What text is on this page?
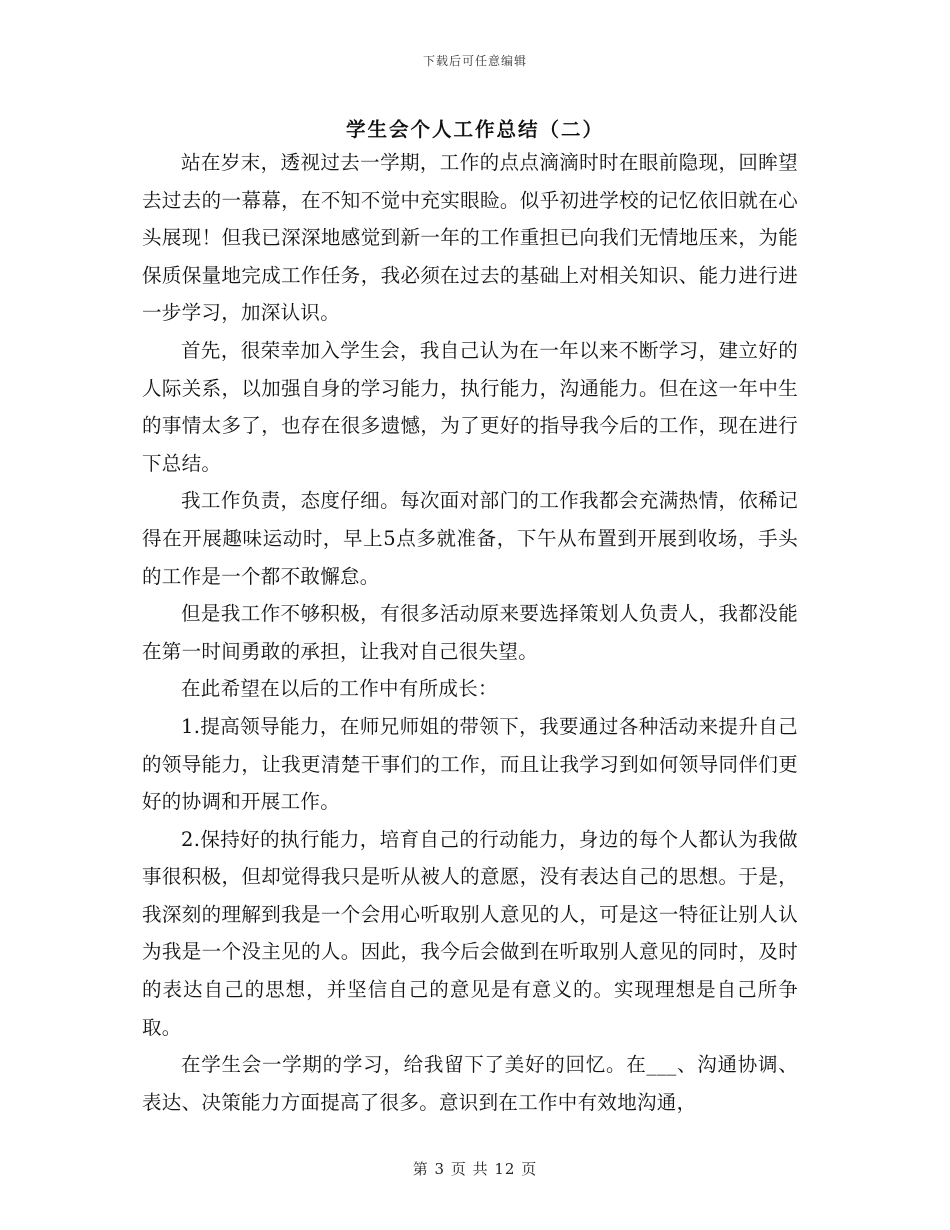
下载后可任意编辑
学生会个人工作总结（二）

站在岁末，透视过去一学期，工作的点点滴滴时时在眼前隐现，回眸望去过去的一幕幕，在不知不觉中充实眼睑。似乎初进学校的记忆依旧就在心头展现！但我已深深地感觉到新一年的工作重担已向我们无情地压来，为能保质保量地完成工作任务，我必须在过去的基础上对相关知识、能力进行进一步学习，加深认识。

首先，很荣幸加入学生会，我自己认为在一年以来不断学习，建立好的人际关系，以加强自身的学习能力，执行能力，沟通能力。但在这一年中生的事情太多了，也存在很多遗憾，为了更好的指导我今后的工作，现在进行下总结。

我工作负责，态度仔细。每次面对部门的工作我都会充满热情，依稀记得在开展趣味运动时，早上5点多就准备，下午从布置到开展到收场，手头的工作是一个都不敢懈怠。

但是我工作不够积极，有很多活动原来要选择策划人负责人，我都没能在第一时间勇敢的承担，让我对自己很失望。

在此希望在以后的工作中有所成长：

1.提高领导能力，在师兄师姐的带领下，我要通过各种活动来提升自己的领导能力，让我更清楚干事们的工作，而且让我学习到如何领导同伴们更好的协调和开展工作。

2.保持好的执行能力，培育自己的行动能力，身边的每个人都认为我做事很积极，但却觉得我只是听从被人的意愿，没有表达自己的思想。于是，我深刻的理解到我是一个会用心听取别人意见的人，可是这一特征让别人认为我是一个没主见的人。因此，我今后会做到在听取别人意见的同时，及时的表达自己的思想，并坚信自己的意见是有意义的。实现理想是自己所争取。

在学生会一学期的学习，给我留下了美好的回忆。在___、沟通协调、表达、决策能力方面提高了很多。意识到在工作中有效地沟通，

第 3 页 共 12 页
